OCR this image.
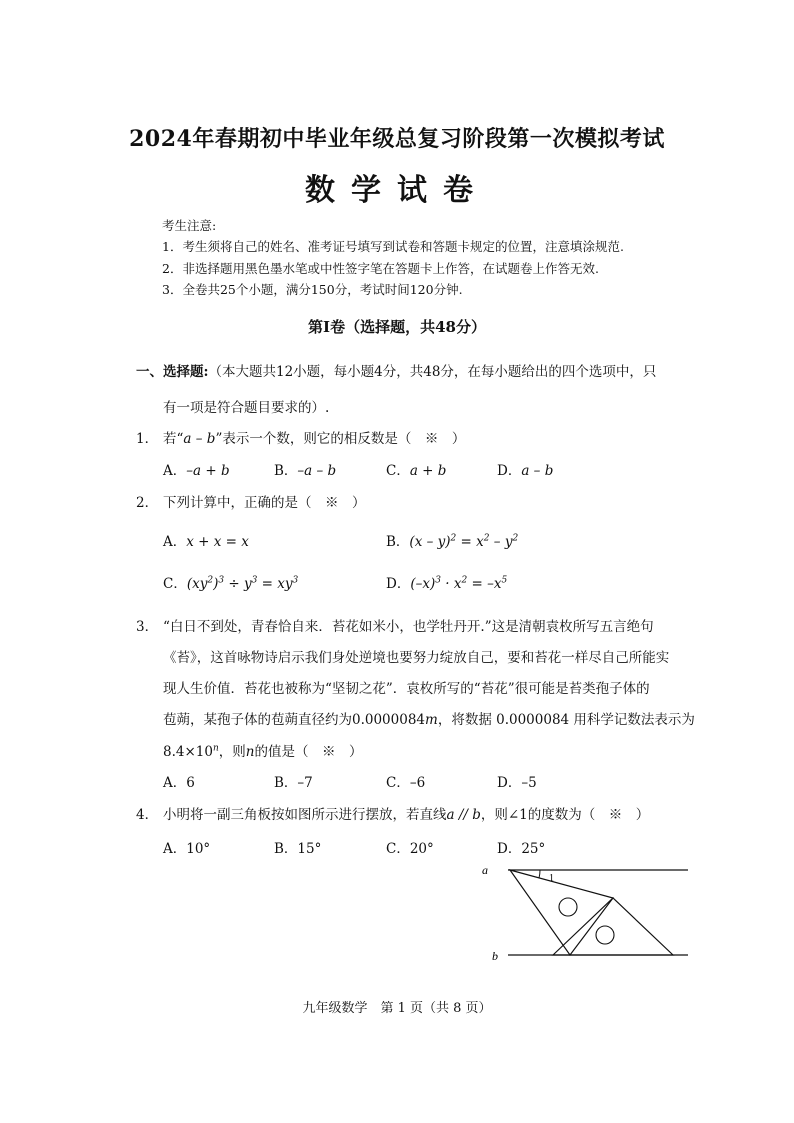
2024年春期初中毕业年级总复习阶段第一次模拟考试
数学试卷
考生注意:
1．考生须将自己的姓名、准考证号填写到试卷和答题卡规定的位置，注意填涂规范.
2．非选择题用黑色墨水笔或中性签字笔在答题卡上作答，在试题卷上作答无效.
3．全卷共25个小题，满分150分，考试时间120分钟.
第Ⅰ卷（选择题，共48分）
一、选择题:（本大题共12小题，每小题4分，共48分，在每小题给出的四个选项中，只
有一项是符合题目要求的）.
1． 若“a – b”表示一个数，则它的相反数是（　※　）
A．–a + b	B．–a – b	C．a + b	D．a – b
2． 下列计算中，正确的是（　※　）
A．x + x = x	B．$(x - y)^2 = x^2 - y^2$
C．$(xy^2)^3 \div y^3 = xy^3$	D．$(-x)^3 \cdot x^2 = -x^5$
3． “白日不到处，青春恰自来．苔花如米小，也学牡丹开.”这是清朝袁枚所写五言绝句
《苔》，这首咏物诗启示我们身处逆境也要努力绽放自己，要和苔花一样尽自己所能实
现人生价值．苔花也被称为“坚韧之花”．袁枚所写的“苔花”很可能是苔类孢子体的
苞蒴，某孢子体的苞蒴直径约为0.0000084m，将数据 0.0000084 用科学记数法表示为
$8.4\times 10^n$，则n的值是（　※　）
A．6	B．–7	C．–6	D．–5
4． 小明将一副三角板按如图所示进行摆放，若直线a // b，则∠1的度数为（　※　）
A．10°	B．15°	C．20°	D．25°
a
b
1
九年级数学　第 1 页（共 8 页）
